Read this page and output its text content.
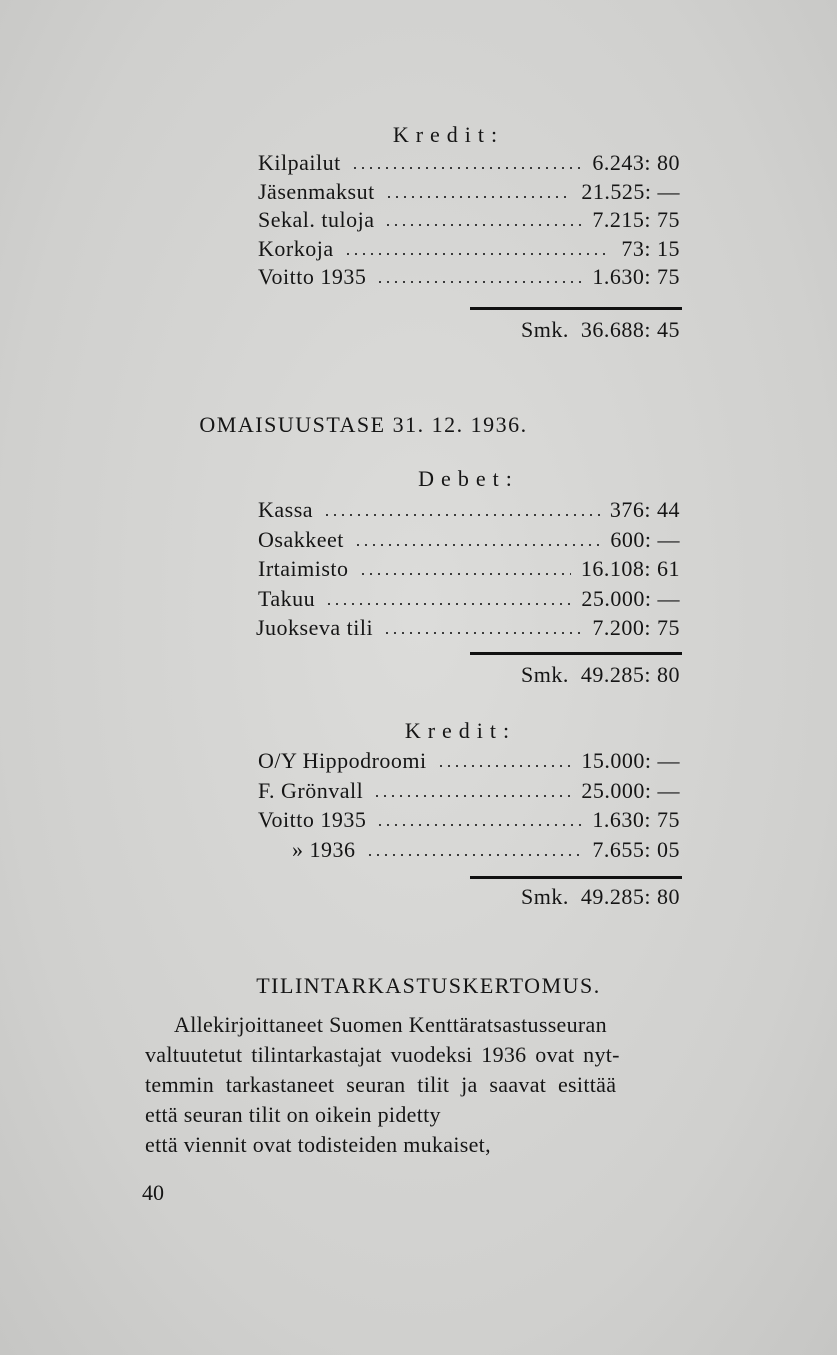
Kredit:
Kilpailut	6.243: 80
Jäsenmaksut	21.525: —
Sekal. tuloja	7.215: 75
Korkoja	73: 15
Voitto 1935	1.630: 75
Smk. 36.688: 45
OMAISUUSTASE 31. 12. 1936.
Debet:
Kassa	376: 44
Osakkeet	600: —
Irtaimisto	16.108: 61
Takuu	25.000: —
Juokseva tili	7.200: 75
Smk. 49.285: 80
Kredit:
O/Y Hippodroomi	15.000: —
F. Grönvall	25.000: —
Voitto 1935	1.630: 75
» 1936	7.655: 05
Smk. 49.285: 80
TILINTARKASTUSKERTOMUS.
Allekirjoittaneet Suomen Kenttäratsastusseuran
valtuutetut tilintarkastajat vuodeksi 1936 ovat nyt-
temmin tarkastaneet seuran tilit ja saavat esittää
että seuran tilit on oikein pidetty
että viennit ovat todisteiden mukaiset,
40
